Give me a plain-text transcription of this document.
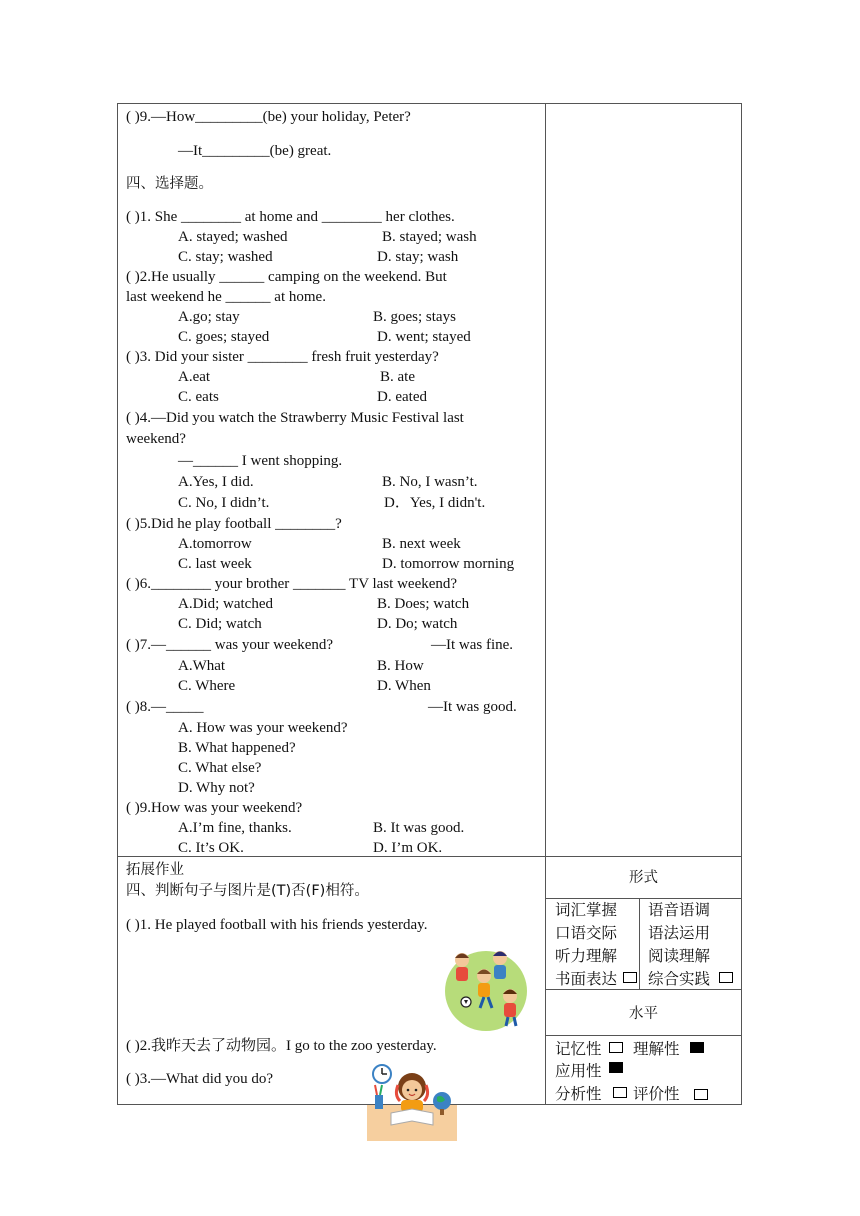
( )9.—How_________(be) your holiday, Peter?
—It_________(be) great.
四、选择题。
( )1. She ________ at home and ________ her clothes.
A. stayed; washed	B. stayed; wash
C. stay; washed	D. stay; wash
( )2.He usually ______ camping on the weekend. But
last weekend he ______ at home.
A.go; stay	B. goes; stays
C. goes; stayed	D. went; stayed
( )3. Did your sister ________ fresh fruit yesterday?
A.eat	B. ate
C. eats	D. eated
( )4.—Did you watch the Strawberry Music Festival last
weekend?
—______ I went shopping.
A.Yes, I did.	B. No, I wasn’t.
C. No, I didn’t.	D．Yes, I didn't.
( )5.Did he play football ________?
A.tomorrow	B. next week
C. last week	D. tomorrow morning
( )6.________ your brother _______ TV last weekend?
A.Did; watched	B. Does; watch
C. Did; watch	D. Do; watch
( )7.—______ was your weekend?	—It was fine.
A.What	B. How
C. Where	D. When
( )8.—_____	—It was good.
A. How was your weekend?
B. What happened?
C. What else?
D. Why not?
( )9.How was your weekend?
A.I’m fine, thanks.	B. It was good.
C. It’s OK.	D. I’m OK.
拓展作业
四、判断句子与图片是(T)否(F)相符。
( )1. He played football with his friends yesterday.
( )2.我昨天去了动物园。I go to the zoo yesterday.
( )3.—What did you do?
形式
词汇掌握 语音语调
口语交际 语法运用
听力理解 阅读理解
书面表达 综合实践
水平
记忆性 理解性
应用性
分析性 评价性
